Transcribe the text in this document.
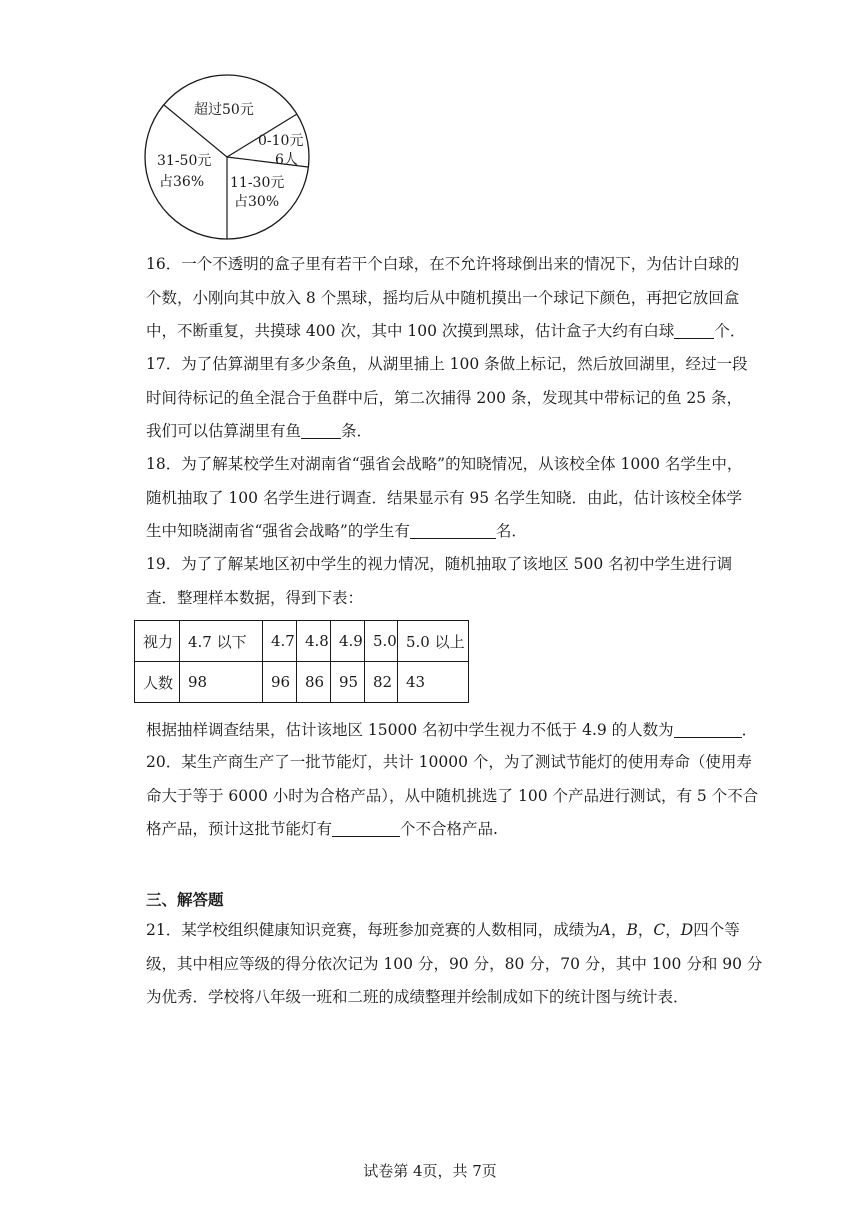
超过50元
0-10元
6人
11-30元
占30%
31-50元
占36%

16．一个不透明的盒子里有若干个白球，在不允许将球倒出来的情况下，为估计白球的
个数，小刚向其中放入 8 个黑球，摇均后从中随机摸出一个球记下颜色，再把它放回盒
中，不断重复，共摸球 400 次，其中 100 次摸到黑球，估计盒子大约有白球	个．

17．为了估算湖里有多少条鱼，从湖里捕上 100 条做上标记，然后放回湖里，经过一段
时间待标记的鱼全混合于鱼群中后，第二次捕得 200 条，发现其中带标记的鱼 25 条，
我们可以估算湖里有鱼	条．

18．为了解某校学生对湖南省“强省会战略”的知晓情况，从该校全体 1000 名学生中，
随机抽取了 100 名学生进行调查．结果显示有 95 名学生知晓．由此，估计该校全体学
生中知晓湖南省“强省会战略”的学生有	名．

19．为了了解某地区初中学生的视力情况，随机抽取了该地区 500 名初中学生进行调
查．整理样本数据，得到下表：

视力	4.7 以下	4.7	4.8	4.9	5.0	5.0 以上
人数	98	96	86	95	82	43

根据抽样调查结果，估计该地区 15000 名初中学生视力不低于 4.9 的人数为	．

20．某生产商生产了一批节能灯，共计 10000 个，为了测试节能灯的使用寿命（使用寿
命大于等于 6000 小时为合格产品），从中随机挑选了 100 个产品进行测试，有 5 个不合
格产品，预计这批节能灯有	个不合格产品.

三、解答题

21．某学校组织健康知识竞赛，每班参加竞赛的人数相同，成绩为A，B，C，D四个等
级，其中相应等级的得分依次记为 100 分，90 分，80 分，70 分，其中 100 分和 90 分
为优秀．学校将八年级一班和二班的成绩整理并绘制成如下的统计图与统计表．

试卷第 4页，共 7页
